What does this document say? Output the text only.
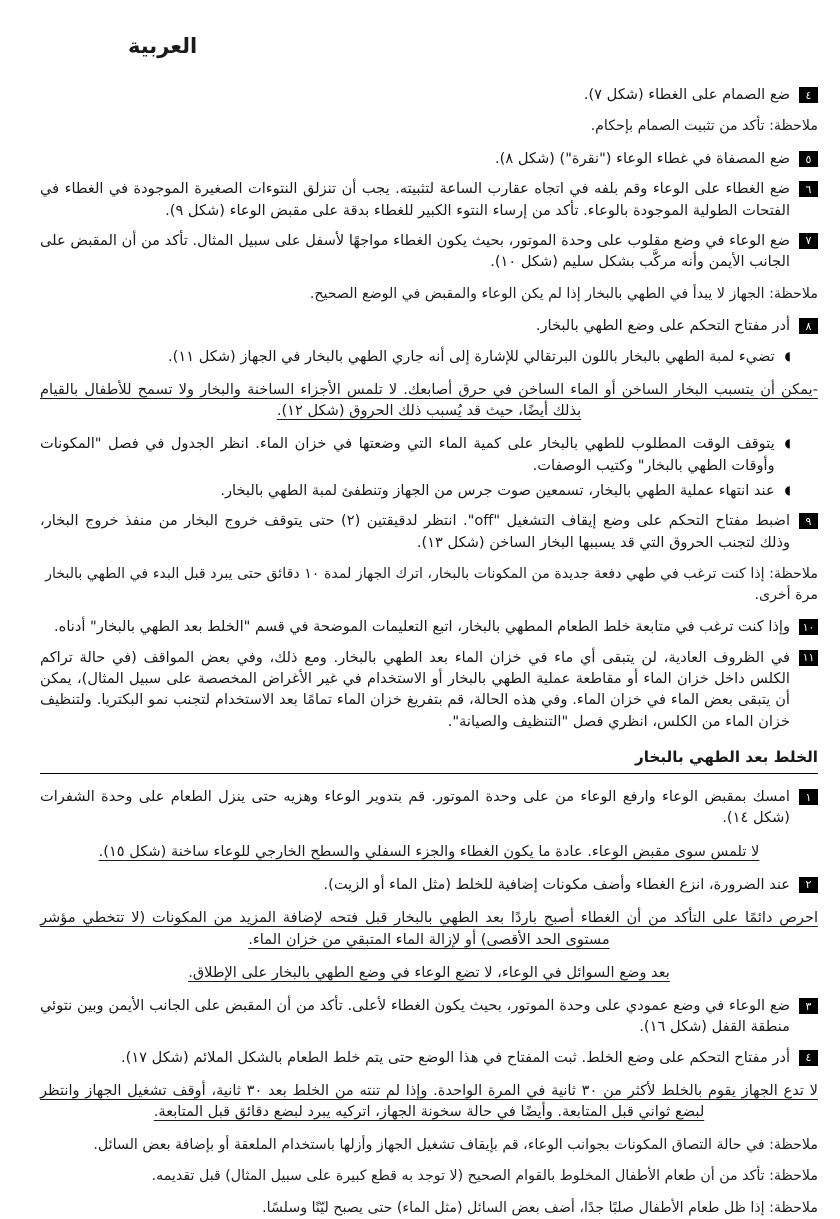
العربية
٤
ضع الصمام على الغطاء (شكل ٧).
ملاحظة: تأكد من تثبيت الصمام بإحكام.
٥
ضع المصفاة في غطاء الوعاء ("نقرة") (شكل ٨).
٦
ضع الغطاء على الوعاء وقم بلفه في اتجاه عقارب الساعة لتثبيته. يجب أن تنزلق النتوءات الصغيرة الموجودة في الغطاء في الفتحات الطولية الموجودة بالوعاء. تأكد من إرساء النتوء الكبير للغطاء بدقة على مقبض الوعاء (شكل ٩).
٧
ضع الوعاء في وضع مقلوب على وحدة الموتور، بحيث يكون الغطاء مواجهًا لأسفل على سبيل المثال. تأكد من أن المقبض على الجانب الأيمن وأنه مركَّب بشكل سليم (شكل ١٠).
ملاحظة: الجهاز لا يبدأ في الطهي بالبخار إذا لم يكن الوعاء والمقبض في الوضع الصحيح.
٨
أدر مفتاح التحكم على وضع الطهي بالبخار.
◖
تضيء لمبة الطهي بالبخار باللون البرتقالي للإشارة إلى أنه جاري الطهي بالبخار في الجهاز (شكل ١١).
-يمكن أن يتسبب البخار الساخن أو الماء الساخن في حرق أصابعك. لا تلمس الأجزاء الساخنة والبخار ولا تسمح للأطفال بالقيام بذلك أيضًا، حيث قد يُسبب ذلك الحروق (شكل ١٢).
◖
يتوقف الوقت المطلوب للطهي بالبخار على كمية الماء التي وضعتها في خزان الماء. انظر الجدول في فصل "المكونات وأوقات الطهي بالبخار" وكتيب الوصفات.
◖
عند انتهاء عملية الطهي بالبخار، تسمعين صوت جرس من الجهاز وتنطفئ لمبة الطهي بالبخار.
٩
اضبط مفتاح التحكم على وضع إيقاف التشغيل "off". انتظر لدقيقتين (٢) حتى يتوقف خروج البخار من منفذ خروج البخار، وذلك لتجنب الحروق التي قد يسببها البخار الساخن (شكل ١٣).
ملاحظة: إذا كنت ترغب في طهي دفعة جديدة من المكونات بالبخار، اترك الجهاز لمدة ١٠ دقائق حتى يبرد قبل البدء في الطهي بالبخار مرة أخرى.
١٠
وإذا كنت ترغب في متابعة خلط الطعام المطهي بالبخار، اتبع التعليمات الموضحة في قسم "الخلط بعد الطهي بالبخار" أدناه.
١١
في الظروف العادية، لن يتبقى أي ماء في خزان الماء بعد الطهي بالبخار. ومع ذلك، وفي بعض المواقف (في حالة تراكم الكلس داخل خزان الماء أو مقاطعة عملية الطهي بالبخار أو الاستخدام في غير الأغراض المخصصة على سبيل المثال)، يمكن أن يتبقى بعض الماء في خزان الماء. وفي هذه الحالة، قم بتفريغ خزان الماء تمامًا بعد الاستخدام لتجنب نمو البكتريا. ولتنظيف خزان الماء من الكلس، انظري فصل "التنظيف والصيانة".
الخلط بعد الطهي بالبخار
١
امسك بمقبض الوعاء وارفع الوعاء من على وحدة الموتور. قم بتدوير الوعاء وهزيه حتى ينزل الطعام على وحدة الشفرات (شكل ١٤).
لا تلمس سوى مقبض الوعاء. عادة ما يكون الغطاء والجزء السفلي والسطح الخارجي للوعاء ساخنة (شكل ١٥).
٢
عند الضرورة، انزع الغطاء وأضف مكونات إضافية للخلط (مثل الماء أو الزيت).
احرص دائمًا على التأكد من أن الغطاء أصبح باردًا بعد الطهي بالبخار قبل فتحه لإضافة المزيد من المكونات (لا تتخطي مؤشر مستوى الحد الأقصى) أو لإزالة الماء المتبقي من خزان الماء.
بعد وضع السوائل في الوعاء، لا تضع الوعاء في وضع الطهي بالبخار على الإطلاق.
٣
ضع الوعاء في وضع عمودي على وحدة الموتور، بحيث يكون الغطاء لأعلى. تأكد من أن المقبض على الجانب الأيمن وبين نتوئي منطقة القفل (شكل ١٦).
٤
أدر مفتاح التحكم على وضع الخلط. ثبت المفتاح في هذا الوضع حتى يتم خلط الطعام بالشكل الملائم (شكل ١٧).
لا تدع الجهاز يقوم بالخلط لأكثر من ٣٠ ثانية في المرة الواحدة. وإذا لم تنته من الخلط بعد ٣٠ ثانية، أوقف تشغيل الجهاز وانتظر لبضع ثواني قبل المتابعة. وأيضًا في حالة سخونة الجهاز، اتركيه يبرد لبضع دقائق قبل المتابعة.
ملاحظة: في حالة التصاق المكونات بجوانب الوعاء، قم بإيقاف تشغيل الجهاز وأزلها باستخدام الملعقة أو بإضافة بعض السائل.
ملاحظة: تأكد من أن طعام الأطفال المخلوط بالقوام الصحيح (لا توجد به قطع كبيرة على سبيل المثال) قبل تقديمه.
ملاحظة: إذا ظل طعام الأطفال صلبًا جدًا، أضف بعض السائل (مثل الماء) حتى يصبح ليّنًا وسلسًا.
